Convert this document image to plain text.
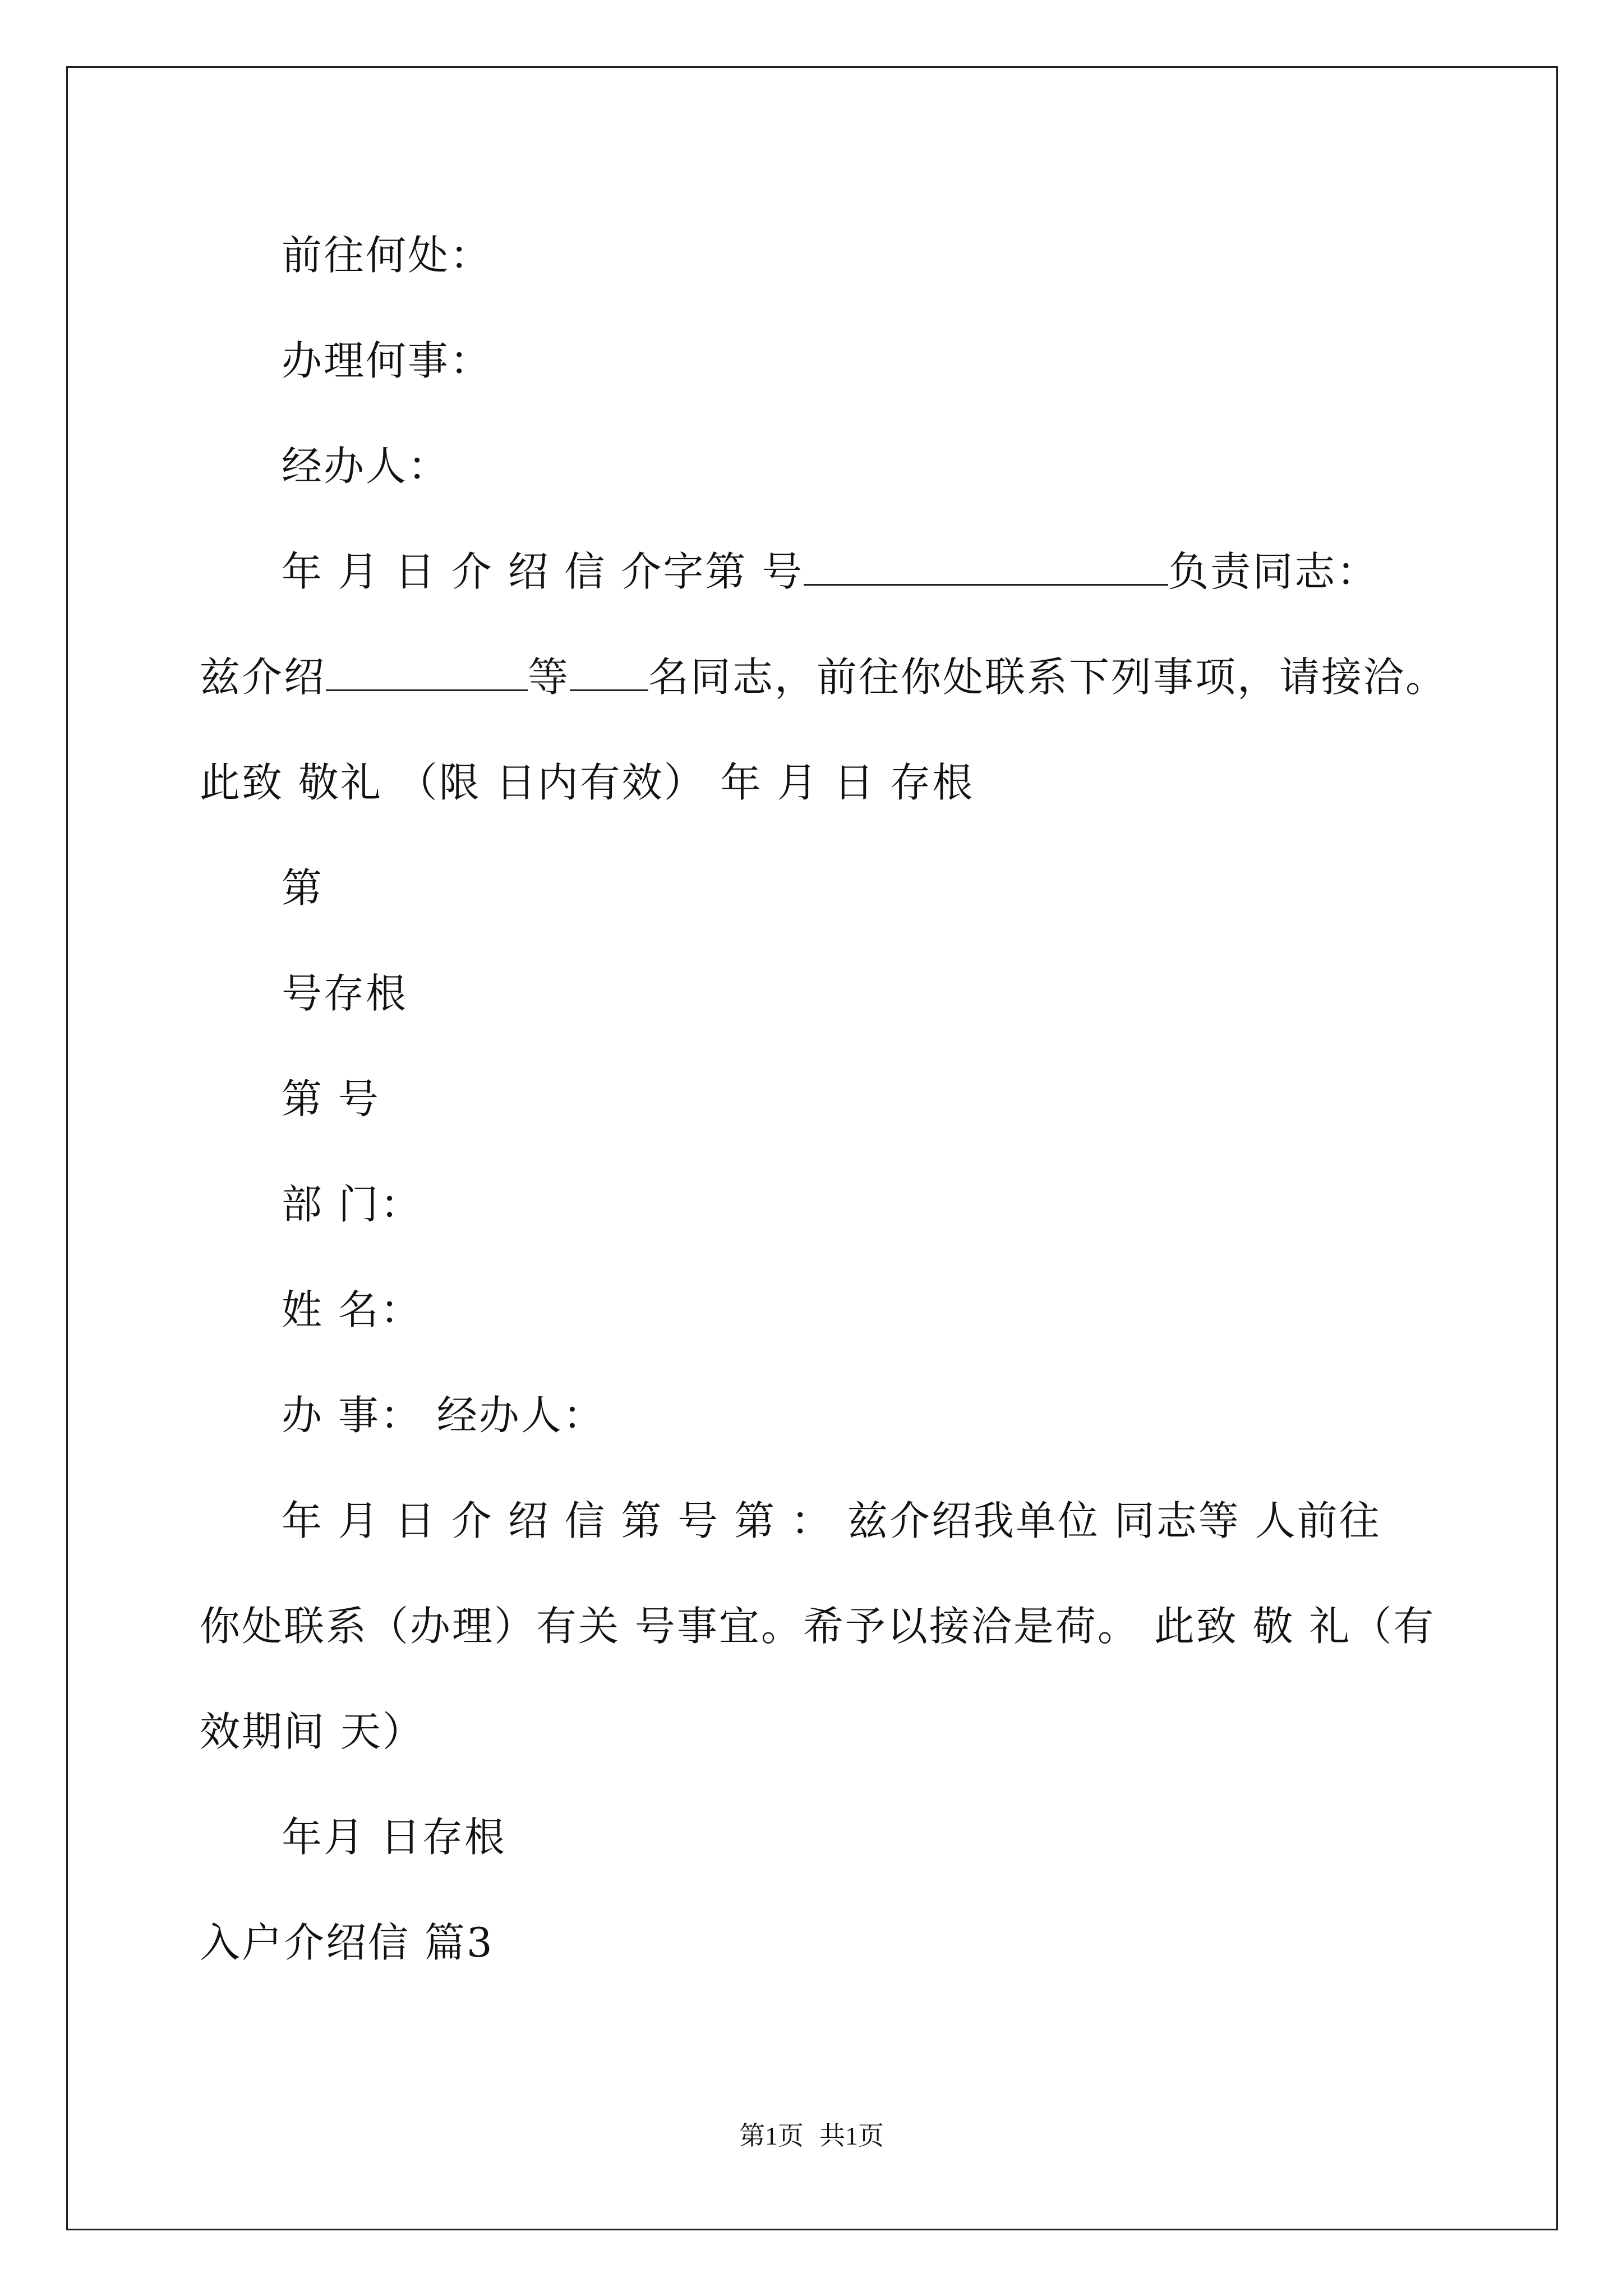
前往何处：
办理何事：
经办人：
年 月 日 介 绍 信 介字第 号	负责同志：
兹介绍	等 名同志，前往你处联系下列事项，请接洽。
此致 敬礼 （限 日内有效） 年 月 日 存根
第
号存根
第 号
部 门：
姓 名：
办 事： 经办人：
年 月 日 介 绍 信 第 号 第 ： 兹介绍我单位 同志等 人前往
你处联系（办理）有关 号事宜。希予以接洽是荷。 此致 敬 礼（有
效期间 天）
年月 日存根
入户介绍信 篇3
第1页 共1页
